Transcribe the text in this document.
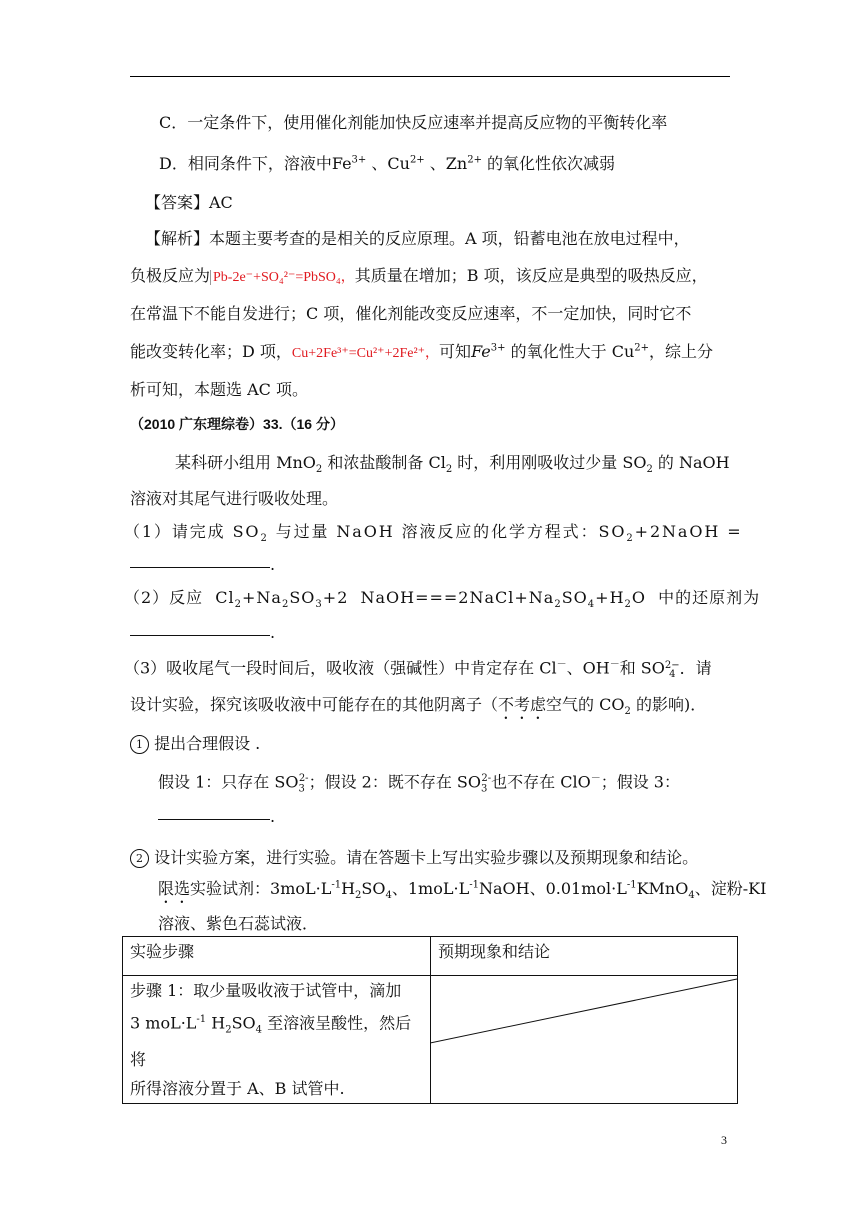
C．一定条件下，使用催化剂能加快反应速率并提高反应物的平衡转化率
D．相同条件下，溶液中$Fe^{3+}$ 、$Cu^{2+}$ 、$Zn^{2+}$ 的氧化性依次减弱
【答案】AC
【解析】本题主要考查的是相关的反应原理。A 项，铅蓄电池在放电过程中，
负极反应为 Pb-2e⁻+SO₄²⁻=PbSO₄，其质量在增加；B 项，该反应是典型的吸热反应，
在常温下不能自发进行；C 项，催化剂能改变反应速率，不一定加快，同时它不
能改变转化率；D 项，Cu+2Fe³⁺=Cu²⁺+2Fe²⁺，可知$Fe^{3+}$ 的氧化性大于 $Cu^{2+}$，综上分
析可知，本题选 AC 项。
（2010 广东理综卷）33.（16 分）
某科研小组用 MnO$_2$ 和浓盐酸制备 $Cl_2$ 时，利用刚吸收过少量 $SO_2$ 的 NaOH
溶液对其尾气进行吸收处理。
（1）请完成 $SO_2$ 与过量 NaOH 溶液反应的化学方程式：$SO_2+2NaOH$ =
.
（2）反应 $Cl_2+Na_2SO_3+2$ $NaOH===2NaCl+Na_2SO_4+H_2O$ 中的还原剂为
.
（3）吸收尾气一段时间后，吸收液（强碱性）中肯定存在 Cl－、OH－和 SO2−
4 ．请
设计实验，探究该吸收液中可能存在的其他阴离子（不考虑空气的 $CO_2$ 的影响)．
1 提出合理假设 .
假设 1：只存在 $SO_3^{2-}$；假设 2：既不存在 $SO_3^{2-}$也不存在 ClO－；假设 3：
.
2 设计实验方案，进行实验。请在答题卡上写出实验步骤以及预期现象和结论。
限选实验试剂：$3moL\cdot L^{-1}H_2SO_4$、$1moL\cdot L^{-1}NaOH$、$0.01mol\cdot L^{-1}KMnO_4$、淀粉-KI
溶液、紫色石蕊试液．
实验步骤	预期现象和结论

步骤 1：取少量吸收液于试管中，滴加
3 $moL\cdot L^{-1}$ $H_2SO_4$ 至溶液呈酸性，然后将
所得溶液分置于 A、B 试管中.	

3
